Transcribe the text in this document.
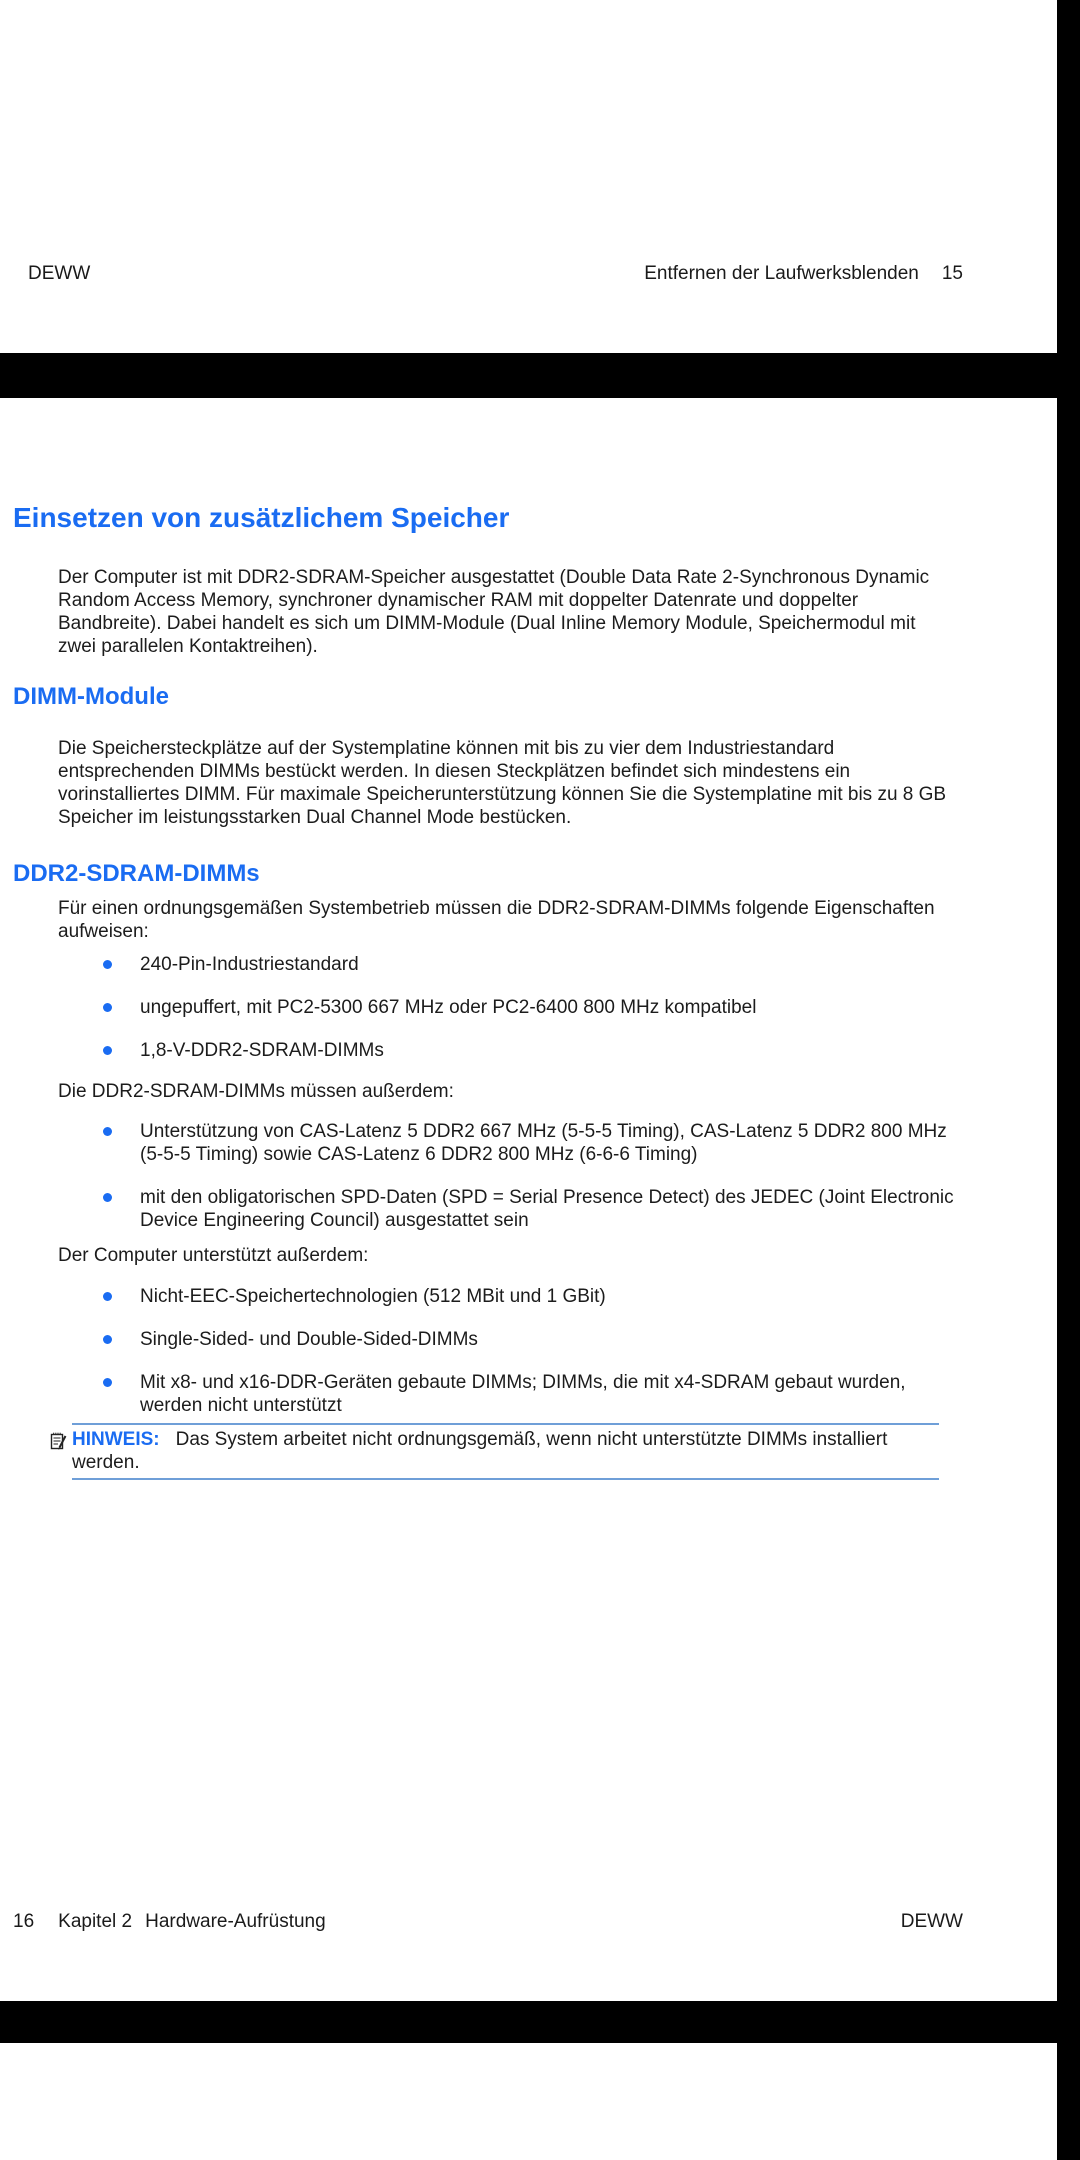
DEWW	Entfernen der Laufwerksblenden 15
Einsetzen von zusätzlichem Speicher

Der Computer ist mit DDR2-SDRAM-Speicher ausgestattet (Double Data Rate 2-Synchronous Dynamic Random Access Memory, synchroner dynamischer RAM mit doppelter Datenrate und doppelter Bandbreite). Dabei handelt es sich um DIMM-Module (Dual Inline Memory Module, Speichermodul mit zwei parallelen Kontaktreihen).

DIMM-Module

Die Speichersteckplätze auf der Systemplatine können mit bis zu vier dem Industriestandard entsprechenden DIMMs bestückt werden. In diesen Steckplätzen befindet sich mindestens ein vorinstalliertes DIMM. Für maximale Speicherunterstützung können Sie die Systemplatine mit bis zu 8 GB Speicher im leistungsstarken Dual Channel Mode bestücken.

DDR2-SDRAM-DIMMs

Für einen ordnungsgemäßen Systembetrieb müssen die DDR2-SDRAM-DIMMs folgende Eigenschaften aufweisen:

240-Pin-Industriestandard
ungepuffert, mit PC2-5300 667 MHz oder PC2-6400 800 MHz kompatibel
1,8-V-DDR2-SDRAM-DIMMs

Die DDR2-SDRAM-DIMMs müssen außerdem:

Unterstützung von CAS-Latenz 5 DDR2 667 MHz (5-5-5 Timing), CAS-Latenz 5 DDR2 800 MHz (5-5-5 Timing) sowie CAS-Latenz 6 DDR2 800 MHz (6-6-6 Timing)
mit den obligatorischen SPD-Daten (SPD = Serial Presence Detect) des JEDEC (Joint Electronic Device Engineering Council) ausgestattet sein

Der Computer unterstützt außerdem:

Nicht-EEC-Speichertechnologien (512 MBit und 1 GBit)
Single-Sided- und Double-Sided-DIMMs
Mit x8- und x16-DDR-Geräten gebaute DIMMs; DIMMs, die mit x4-SDRAM gebaut wurden, werden nicht unterstützt
HINWEIS: Das System arbeitet nicht ordnungsgemäß, wenn nicht unterstützte DIMMs installiert werden.
16 Kapitel 2 Hardware-Aufrüstung	DEWW
